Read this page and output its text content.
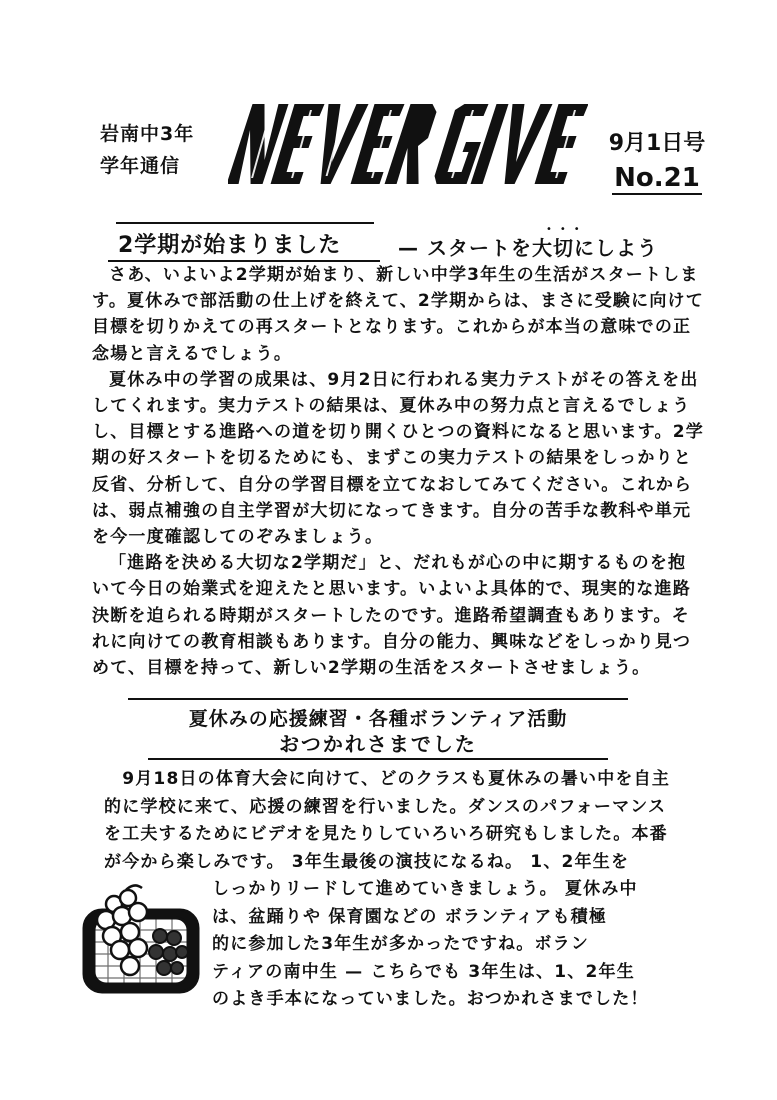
岩南中3年
学年通信
NEVER GIVE UP
9月1日号
No.21
2学期が始まりました
•••
— スタートを大切にしよう

さあ、いよいよ2学期が始まり、新しい中学3年生の生活がスタートします。夏休みで部活動の仕上げを終えて、2学期からは、まさに受験に向けて目標を切りかえての再スタートとなります。これからが本当の意味での正念場と言えるでしょう。

夏休み中の学習の成果は、9月2日に行われる実力テストがその答えを出してくれます。実力テストの結果は、夏休み中の努力点と言えるでしょうし、目標とする進路への道を切り開くひとつの資料になると思います。2学期の好スタートを切るためにも、まずこの実力テストの結果をしっかりと反省、分析して、自分の学習目標を立てなおしてみてください。これからは、弱点補強の自主学習が大切になってきます。自分の苦手な教科や単元を今一度確認してのぞみましょう。

「進路を決める大切な2学期だ」と、だれもが心の中に期するものを抱いて今日の始業式を迎えたと思います。いよいよ具体的で、現実的な進路決断を迫られる時期がスタートしたのです。進路希望調査もあります。それに向けての教育相談もあります。自分の能力、興味などをしっかり見つめて、目標を持って、新しい2学期の生活をスタートさせましょう。

夏休みの応援練習・各種ボランティア活動
おつかれさまでした
　9月18日の体育大会に向けて、どのクラスも夏休みの暑い中を自主
的に学校に来て、応援の練習を行いました。ダンスのパフォーマンス
を工夫するためにビデオを見たりしていろいろ研究もしました。本番
が今から楽しみです。 3年生最後の演技になるね。 1、2年生を
しっかりリードして進めていきましょう。 夏休み中
は、盆踊りや 保育園などの ボランティアも積極
的に参加した3年生が多かったですね。ボラン
ティアの南中生 — こちらでも 3年生は、1、2年生
のよき手本になっていました。おつかれさまでした！
